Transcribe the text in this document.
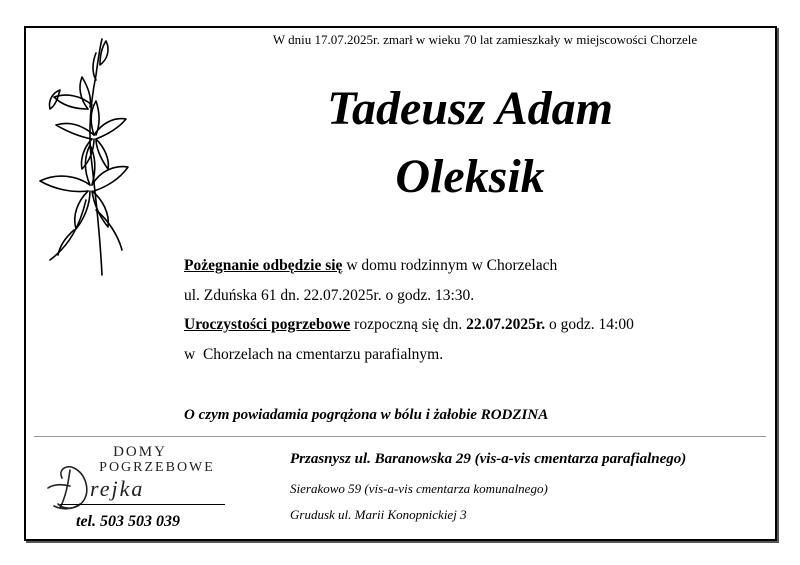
W dniu 17.07.2025r. zmarł w wieku 70 lat zamieszkały w miejscowości Chorzele
Tadeusz Adam
Oleksik
Pożegnanie odbędzie się w domu rodzinnym w Chorzelach
ul. Zduńska 61 dn. 22.07.2025r. o godz. 13:30.
Uroczystości pogrzebowe rozpoczną się dn. 22.07.2025r. o godz. 14:00
w  Chorzelach na cmentarzu parafialnym.
O czym powiadamia pogrążona w bólu i żałobie RODZINA
DOMY
POGRZEBOWE
rejka
tel. 503 503 039
Przasnysz ul. Baranowska 29 (vis-a-vis cmentarza parafialnego)
Sierakowo 59 (vis-a-vis cmentarza komunalnego)
Grudusk ul. Marii Konopnickiej 3
